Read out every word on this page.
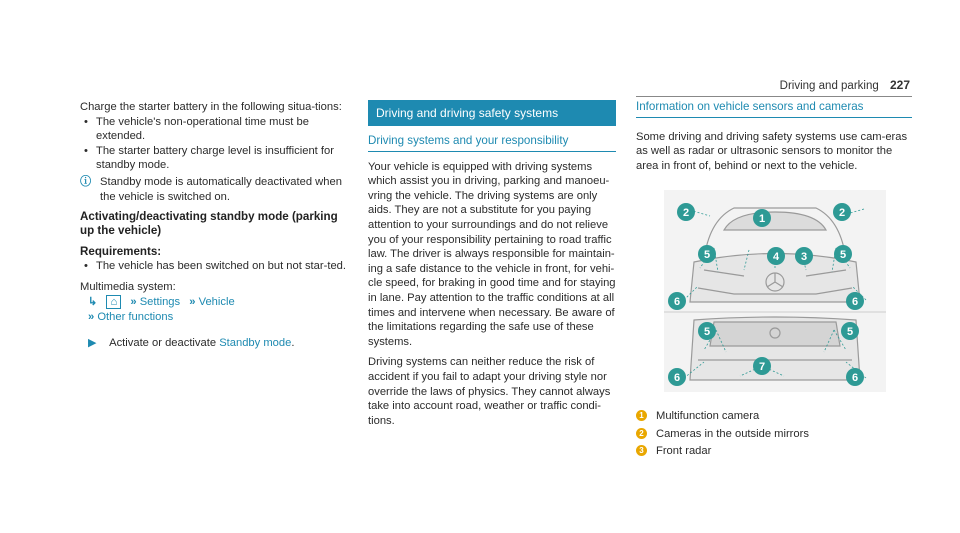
Driving and parking 227
Charge the starter battery in the following situa-tions:
• The vehicle's non-operational time must be extended.
• The starter battery charge level is insufficient for standby mode.
ⓘ Standby mode is automatically deactivated when the vehicle is switched on.
Activating/deactivating standby mode (parking up the vehicle)
Requirements:
• The vehicle has been switched on but not star-ted.
Multimedia system:
↳ ⌂ » Settings » Vehicle
» Other functions
▶ Activate or deactivate Standby mode.
Driving and driving safety systems
Driving systems and your responsibility
Your vehicle is equipped with driving systems which assist you in driving, parking and manoeu-vring the vehicle. The driving systems are only aids. They are not a substitute for you paying attention to your surroundings and do not relieve you of your responsibility pertaining to road traffic law. The driver is always responsible for maintain-ing a safe distance to the vehicle in front, for vehi-cle speed, for braking in good time and for staying in lane. Pay attention to the traffic conditions at all times and intervene when necessary. Be aware of the limitations regarding the safe use of these systems.
Driving systems can neither reduce the risk of accident if you fail to adapt your driving style nor override the laws of physics. They cannot always take into account road, weather or traffic condi-tions.
Information on vehicle sensors and cameras
Some driving and driving safety systems use cam-eras as well as radar or ultrasonic sensors to monitor the area in front of, behind or next to the vehicle.
1
2	2
3
4
5	5
6	6
5	5
6	6
7
1 Multifunction camera
2 Cameras in the outside mirrors
3 Front radar
